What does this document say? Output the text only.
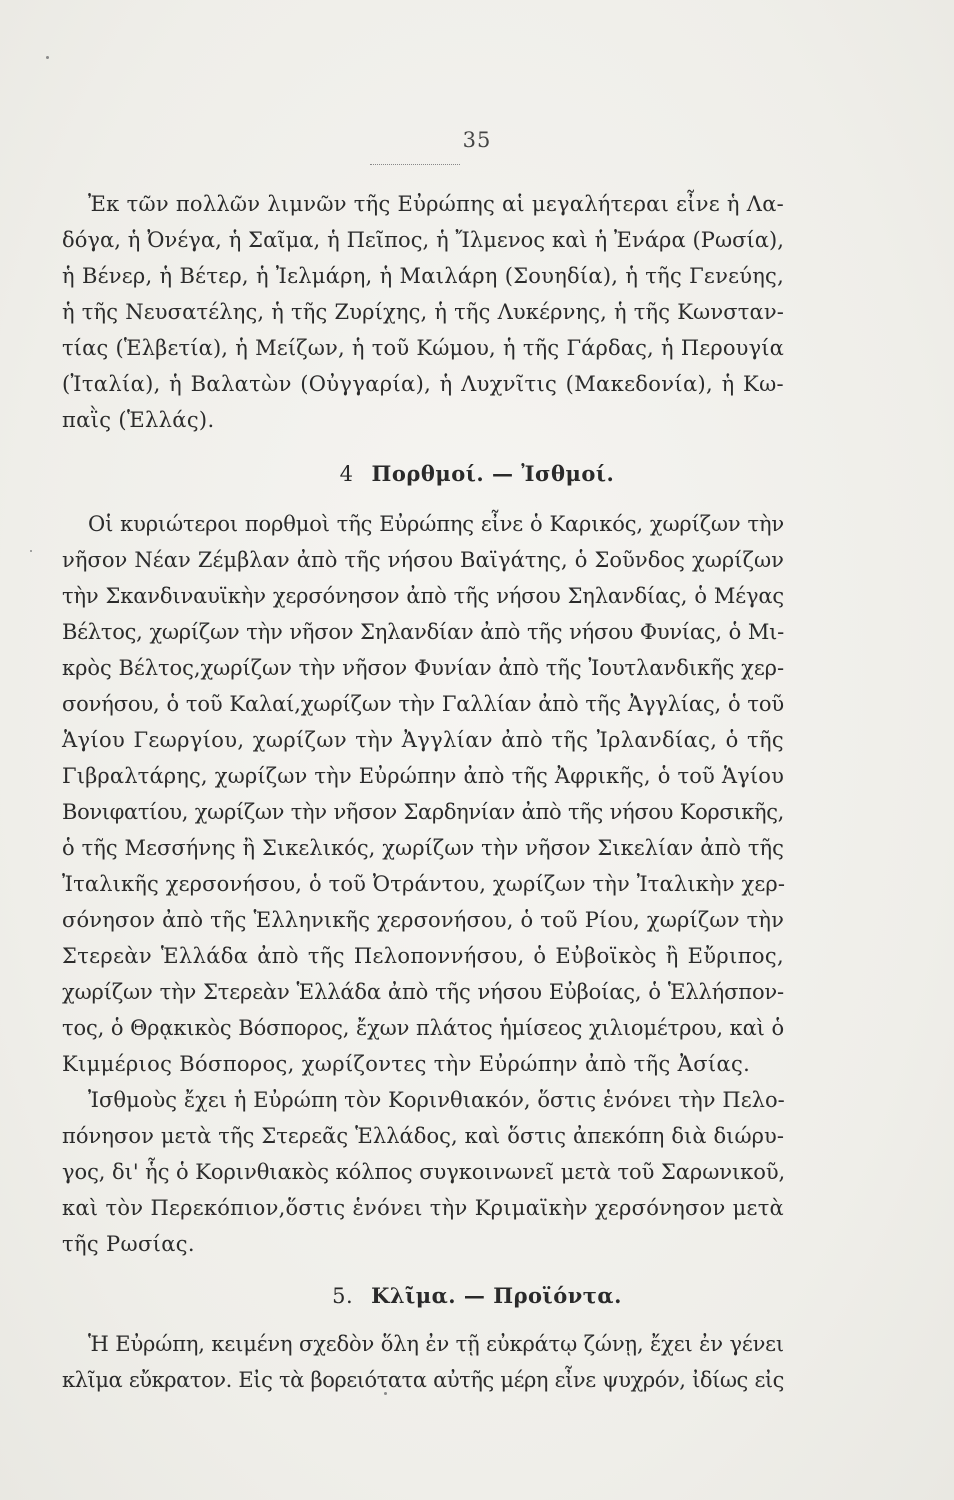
35
Ἐκ τῶν πολλῶν λιμνῶν τῆς Εὐρώπης αἱ μεγαλήτεραι εἶνε ἡ Λα-
δόγα, ἡ Ὀνέγα, ἡ Σαῖμα, ἡ Πεῖπος, ἡ Ἴλμενος καὶ ἡ Ἐνάρα (Ρωσία),
ἡ Βένερ, ἡ Βέτερ, ἡ Ἰελμάρη, ἡ Μαιλάρη (Σουηδία), ἡ τῆς Γενεύης,
ἡ τῆς Νευσατέλης, ἡ τῆς Ζυρίχης, ἡ τῆς Λυκέρνης, ἡ τῆς Κωνσταν-
τίας (Ἑλβετία), ἡ Μείζων, ἡ τοῦ Κώμου, ἡ τῆς Γάρδας, ἡ Περουγία
(Ἰταλία), ἡ Βαλατὼν (Οὐγγαρία), ἡ Λυχνῖτις (Μακεδονία), ἡ Κω-
παῒς (Ἑλλάς).
4 Πορθμοί. — Ἰσθμοί.
Οἱ κυριώτεροι πορθμοὶ τῆς Εὐρώπης εἶνε ὁ Καρικός, χωρίζων τὴν
νῆσον Νέαν Ζέμβλαν ἀπὸ τῆς νήσου Βαϊγάτης, ὁ Σοῦνδος χωρίζων
τὴν Σκανδιναυϊκὴν χερσόνησον ἀπὸ τῆς νήσου Σηλανδίας, ὁ Μέγας
Βέλτος, χωρίζων τὴν νῆσον Σηλανδίαν ἀπὸ τῆς νήσου Φυνίας, ὁ Μι-
κρὸς Βέλτος,χωρίζων τὴν νῆσον Φυνίαν ἀπὸ τῆς Ἰουτλανδικῆς χερ-
σονήσου, ὁ τοῦ Καλαί,χωρίζων τὴν Γαλλίαν ἀπὸ τῆς Ἀγγλίας, ὁ τοῦ
Ἁγίου Γεωργίου, χωρίζων τὴν Ἀγγλίαν ἀπὸ τῆς Ἰρλανδίας, ὁ τῆς
Γιβραλτάρης, χωρίζων τὴν Εὐρώπην ἀπὸ τῆς Ἀφρικῆς, ὁ τοῦ Ἁγίου
Βονιφατίου, χωρίζων τὴν νῆσον Σαρδηνίαν ἀπὸ τῆς νήσου Κορσικῆς,
ὁ τῆς Μεσσήνης ἢ Σικελικός, χωρίζων τὴν νῆσον Σικελίαν ἀπὸ τῆς
Ἰταλικῆς χερσονήσου, ὁ τοῦ Ὀτράντου, χωρίζων τὴν Ἰταλικὴν χερ-
σόνησον ἀπὸ τῆς Ἑλληνικῆς χερσονήσου, ὁ τοῦ Ρίου, χωρίζων τὴν
Στερεὰν Ἑλλάδα ἀπὸ τῆς Πελοποννήσου, ὁ Εὐβοϊκὸς ἢ Εὔριπος,
χωρίζων τὴν Στερεὰν Ἑλλάδα ἀπὸ τῆς νήσου Εὐβοίας, ὁ Ἑλλήσπον-
τος, ὁ Θρᾳκικὸς Βόσπορος, ἔχων πλάτος ἡμίσεος χιλιομέτρου, καὶ ὁ
Κιμμέριος Βόσπορος, χωρίζοντες τὴν Εὐρώπην ἀπὸ τῆς Ἀσίας.
Ἰσθμοὺς ἔχει ἡ Εὐρώπη τὸν Κορινθιακόν, ὅστις ἑνόνει τὴν Πελο-
πόνησον μετὰ τῆς Στερεᾶς Ἑλλάδος, καὶ ὅστις ἀπεκόπη διὰ διώρυ-
γος, δι' ἧς ὁ Κορινθιακὸς κόλπος συγκοινωνεῖ μετὰ τοῦ Σαρωνικοῦ,
καὶ τὸν Περεκόπιον,ὅστις ἑνόνει τὴν Κριμαϊκὴν χερσόνησον μετὰ
τῆς Ρωσίας.
5. Κλῖμα. — Προϊόντα.
Ἡ Εὐρώπη, κειμένη σχεδὸν ὅλη ἐν τῇ εὐκράτῳ ζώνῃ, ἔχει ἐν γένει
κλῖμα εὔκρατον. Εἰς τὰ βορειότατα αὐτῆς μέρη εἶνε ψυχρόν, ἰδίως εἰς
